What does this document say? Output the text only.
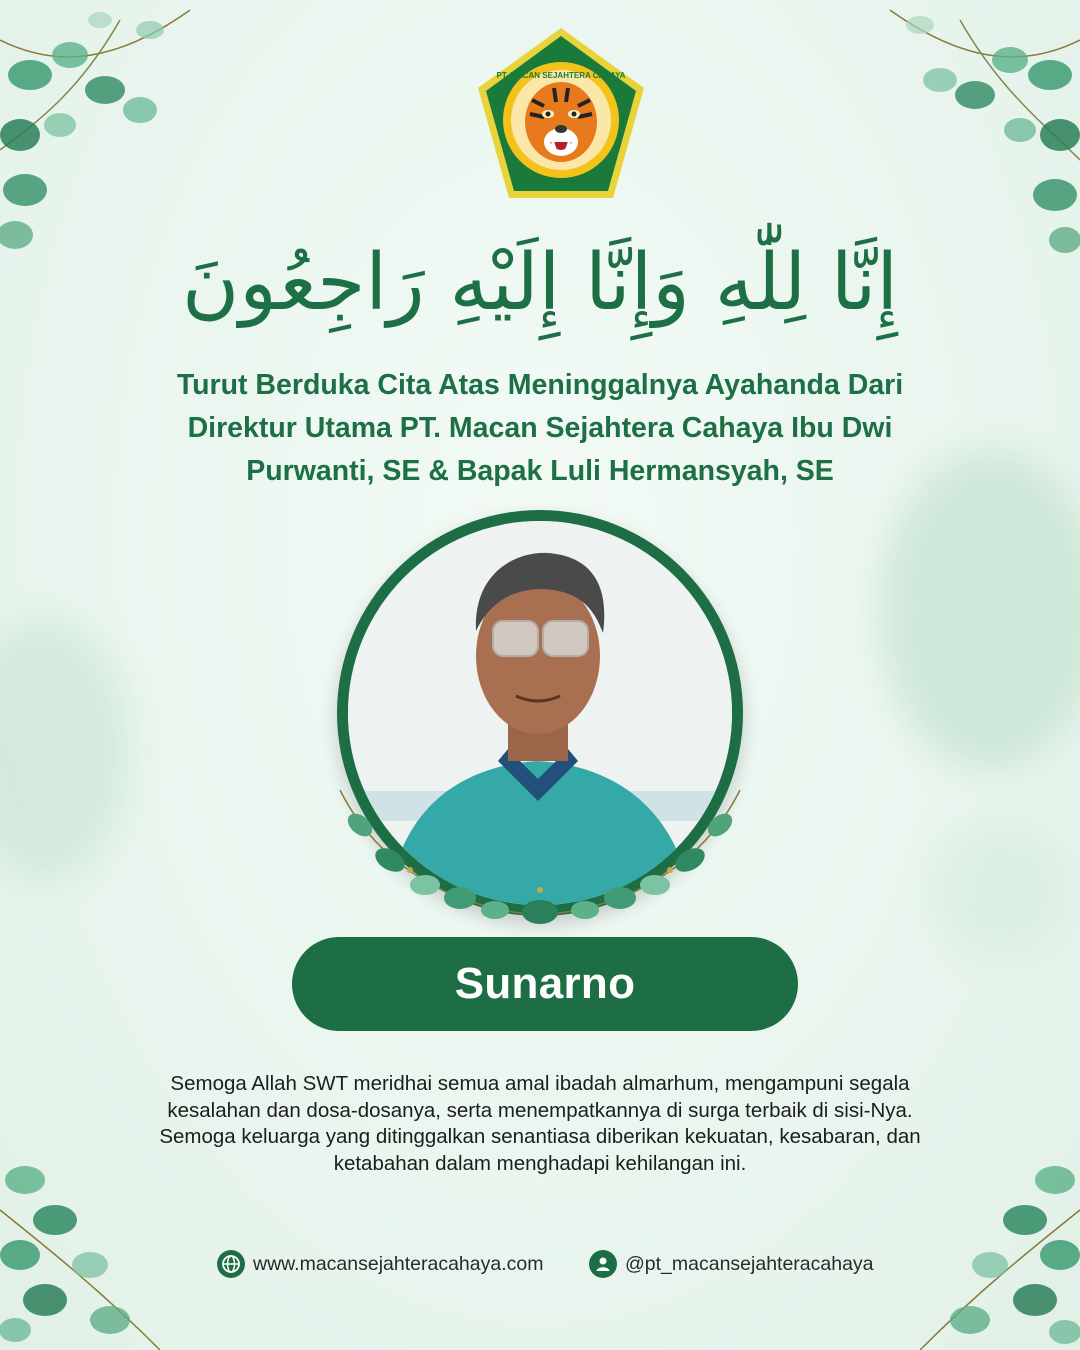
PT. MACAN SEJAHTERA CAHAYA
إِنَّا لِلّٰهِ وَإِنَّا إِلَيْهِ رَاجِعُونَ

Turut Berduka Cita Atas Meninggalnya Ayahanda Dari Direktur Utama PT. Macan Sejahtera Cahaya Ibu Dwi Purwanti, SE & Bapak Luli Hermansyah, SE

Sunarno

Semoga Allah SWT meridhai semua amal ibadah almarhum, mengampuni segala kesalahan dan dosa-dosanya, serta menempatkannya di surga terbaik di sisi-Nya. Semoga keluarga yang ditinggalkan senantiasa diberikan kekuatan, kesabaran, dan ketabahan dalam menghadapi kehilangan ini.

www.macansejahteracahaya.com	@pt_macansejahteracahaya
